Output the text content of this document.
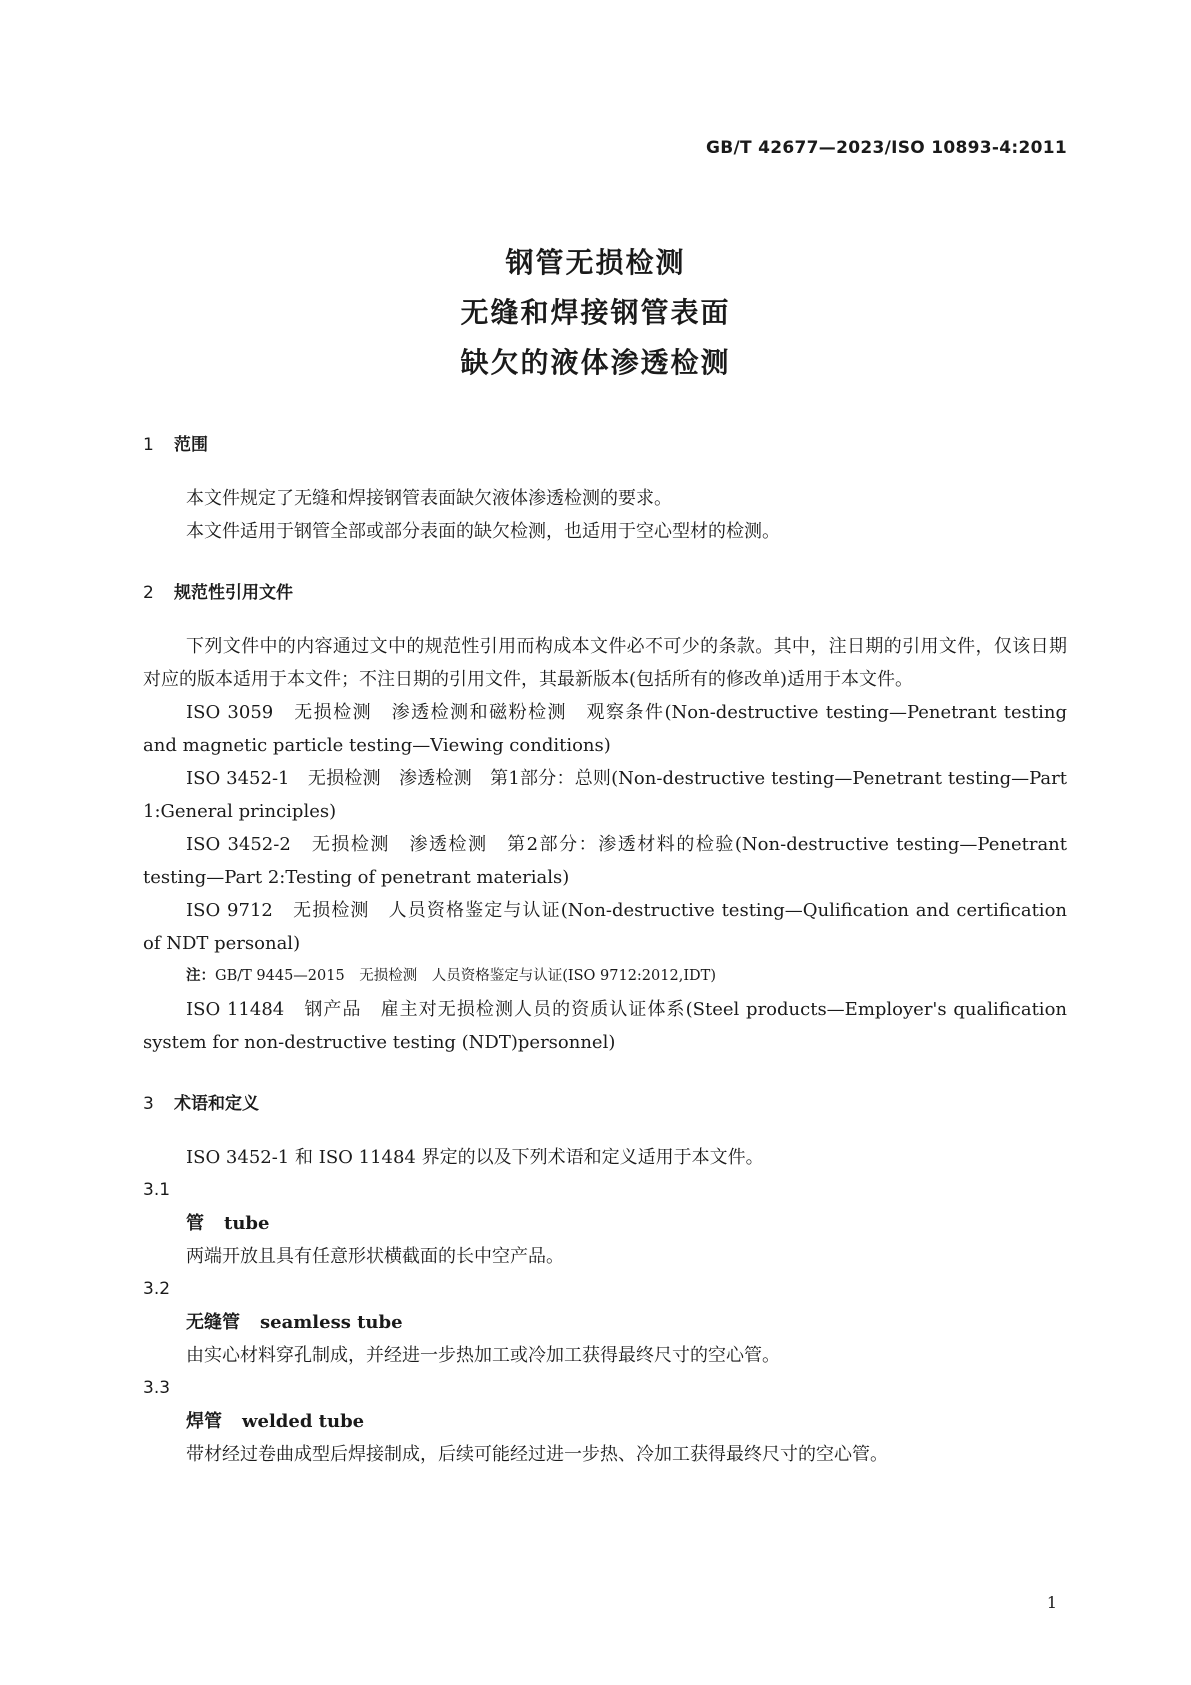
GB/T 42677—2023/ISO 10893-4:2011
钢管无损检测
无缝和焊接钢管表面
缺欠的液体渗透检测
1 范围

本文件规定了无缝和焊接钢管表面缺欠液体渗透检测的要求。

本文件适用于钢管全部或部分表面的缺欠检测，也适用于空心型材的检测。

2 规范性引用文件

下列文件中的内容通过文中的规范性引用而构成本文件必不可少的条款。其中，注日期的引用文件，仅该日期对应的版本适用于本文件；不注日期的引用文件，其最新版本(包括所有的修改单)适用于本文件。

ISO 3059　无损检测　渗透检测和磁粉检测　观察条件(Non-destructive testing—Penetrant testing and magnetic particle testing—Viewing conditions)

ISO 3452-1　无损检测　渗透检测　第1部分：总则(Non-destructive testing—Penetrant testing—Part 1:General principles)

ISO 3452-2　无损检测　渗透检测　第2部分：渗透材料的检验(Non-destructive testing—Penetrant testing—Part 2:Testing of penetrant materials)

ISO 9712　无损检测　人员资格鉴定与认证(Non-destructive testing—Qulification and certification of NDT personal)

注：GB/T 9445—2015　无损检测　人员资格鉴定与认证(ISO 9712:2012,IDT)

ISO 11484　钢产品　雇主对无损检测人员的资质认证体系(Steel products—Employer's qualification system for non-destructive testing (NDT)personnel)

3 术语和定义

ISO 3452-1 和 ISO 11484 界定的以及下列术语和定义适用于本文件。

3.1
管 tube
两端开放且具有任意形状横截面的长中空产品。
3.2
无缝管 seamless tube
由实心材料穿孔制成，并经进一步热加工或冷加工获得最终尺寸的空心管。
3.3
焊管 welded tube
带材经过卷曲成型后焊接制成，后续可能经过进一步热、冷加工获得最终尺寸的空心管。
1
